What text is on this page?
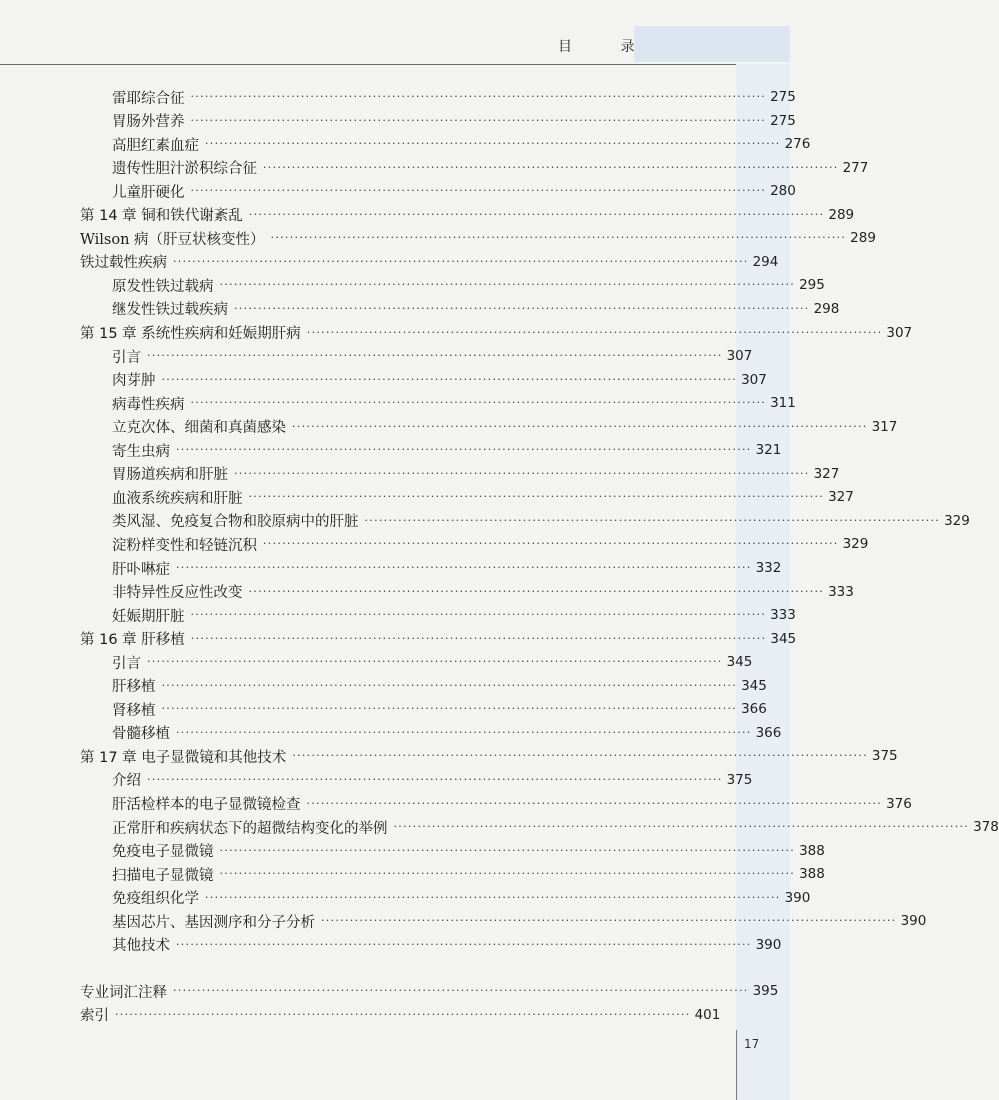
目 录
17
雷耶综合征 ························································································································ 275
胃肠外营养 ························································································································ 275
高胆红素血症 ························································································································ 276
遗传性胆汁淤积综合征 ························································································································ 277
儿童肝硬化 ························································································································ 280
第 14 章 铜和铁代谢紊乱 ························································································································ 289
Wilson 病（肝豆状核变性） ························································································································ 289
铁过载性疾病 ························································································································ 294
原发性铁过载病 ························································································································ 295
继发性铁过载疾病 ························································································································ 298
第 15 章 系统性疾病和妊娠期肝病 ························································································································ 307
引言 ························································································································ 307
肉芽肿 ························································································································ 307
病毒性疾病 ························································································································ 311
立克次体、细菌和真菌感染 ························································································································ 317
寄生虫病 ························································································································ 321
胃肠道疾病和肝脏 ························································································································ 327
血液系统疾病和肝脏 ························································································································ 327
类风湿、免疫复合物和胶原病中的肝脏 ························································································································ 329
淀粉样变性和轻链沉积 ························································································································ 329
肝卟啉症 ························································································································ 332
非特异性反应性改变 ························································································································ 333
妊娠期肝脏 ························································································································ 333
第 16 章 肝移植 ························································································································ 345
引言 ························································································································ 345
肝移植 ························································································································ 345
肾移植 ························································································································ 366
骨髓移植 ························································································································ 366
第 17 章 电子显微镜和其他技术 ························································································································ 375
介绍 ························································································································ 375
肝活检样本的电子显微镜检查 ························································································································ 376
正常肝和疾病状态下的超微结构变化的举例 ························································································································ 378
免疫电子显微镜 ························································································································ 388
扫描电子显微镜 ························································································································ 388
免疫组织化学 ························································································································ 390
基因芯片、基因测序和分子分析 ························································································································ 390
其他技术 ························································································································ 390
专业词汇注释 ························································································································ 395
索引 ························································································································ 401
